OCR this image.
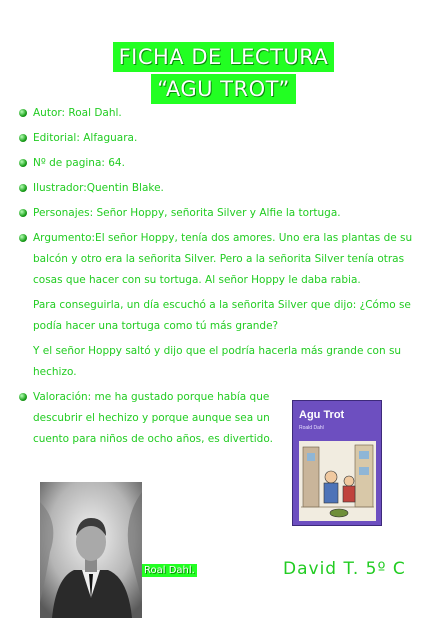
FICHA DE LECTURA
“AGU TROT”
Autor: Roal Dahl.
Editorial: Alfaguara.
Nº de pagina: 64.
Ilustrador:Quentin Blake.
Personajes: Señor Hoppy, señorita Silver y Alfie la tortuga.
Argumento:El señor Hoppy, tenía dos amores. Uno era las plantas de su balcón y otro era la señorita Silver. Pero a la señorita Silver tenía otras cosas que hacer con su tortuga. Al señor Hoppy le daba rabia.
Para conseguirla, un día escuchó a la señorita Silver que dijo: ¿Cómo se podía hacer una tortuga como tú más grande?
Y el señor Hoppy saltó y dijo que el podría hacerla más grande con su hechizo.
Valoración: me ha gustado porque había que descubrir el hechizo y porque aunque sea un cuento para niños de ocho años, es divertido.
Agu Trot
Roald Dahl
Roal Dahl.	David T. 5º C
